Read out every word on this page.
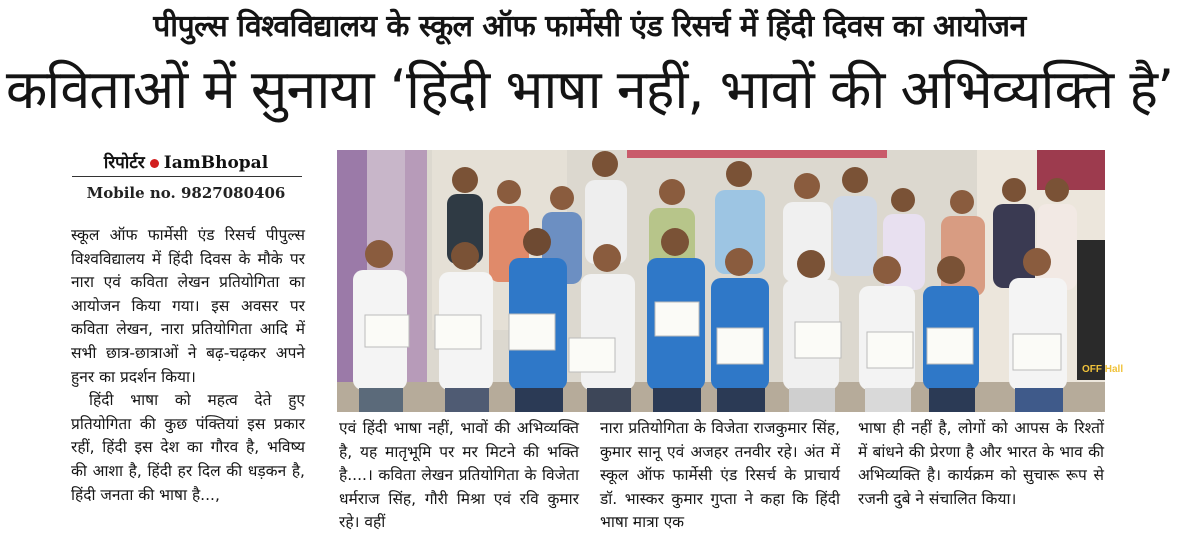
पीपुल्स विश्वविद्यालय के स्कूल ऑफ फार्मेसी एंड रिसर्च में हिंदी दिवस का आयोजन
कविताओं में सुनाया ‘हिंदी भाषा नहीं, भावों की अभिव्यक्ति है’
रिपोर्टर IamBhopal
Mobile no. 9827080406

स्कूल ऑफ फार्मेसी एंड रिसर्च पीपुल्स विश्वविद्यालय में हिंदी दिवस के मौके पर नारा एवं कविता लेखन प्रतियोगिता का आयोजन किया गया। इस अवसर पर कविता लेखन, नारा प्रतियोगिता आदि में सभी छात्र-छात्राओं ने बढ़-चढ़कर अपने हुनर का प्रदर्शन किया।

हिंदी भाषा को महत्व देते हुए प्रतियोगिता की कुछ पंक्तियां इस प्रकार रहीं, हिंदी इस देश का गौरव है, भविष्य की आशा है, हिंदी हर दिल की धड़कन है, हिंदी जनता की भाषा है...,

OFF Hall

एवं हिंदी भाषा नहीं, भावों की अभिव्यक्ति है, यह मातृभूमि पर मर मिटने की भक्ति है....। कविता लेखन प्रतियोगिता के विजेता धर्मराज सिंह, गौरी मिश्रा एवं रवि कुमार रहे। वहीं

नारा प्रतियोगिता के विजेता राजकुमार सिंह, कुमार सानू एवं अजहर तनवीर रहे। अंत में स्कूल ऑफ फार्मेसी एंड रिसर्च के प्राचार्य डॉ. भास्कर कुमार गुप्ता ने कहा कि हिंदी भाषा मात्रा एक

भाषा ही नहीं है, लोगों को आपस के रिश्तों में बांधने की प्रेरणा है और भारत के भाव की अभिव्यक्ति है। कार्यक्रम को सुचारू रूप से रजनी दुबे ने संचालित किया।
